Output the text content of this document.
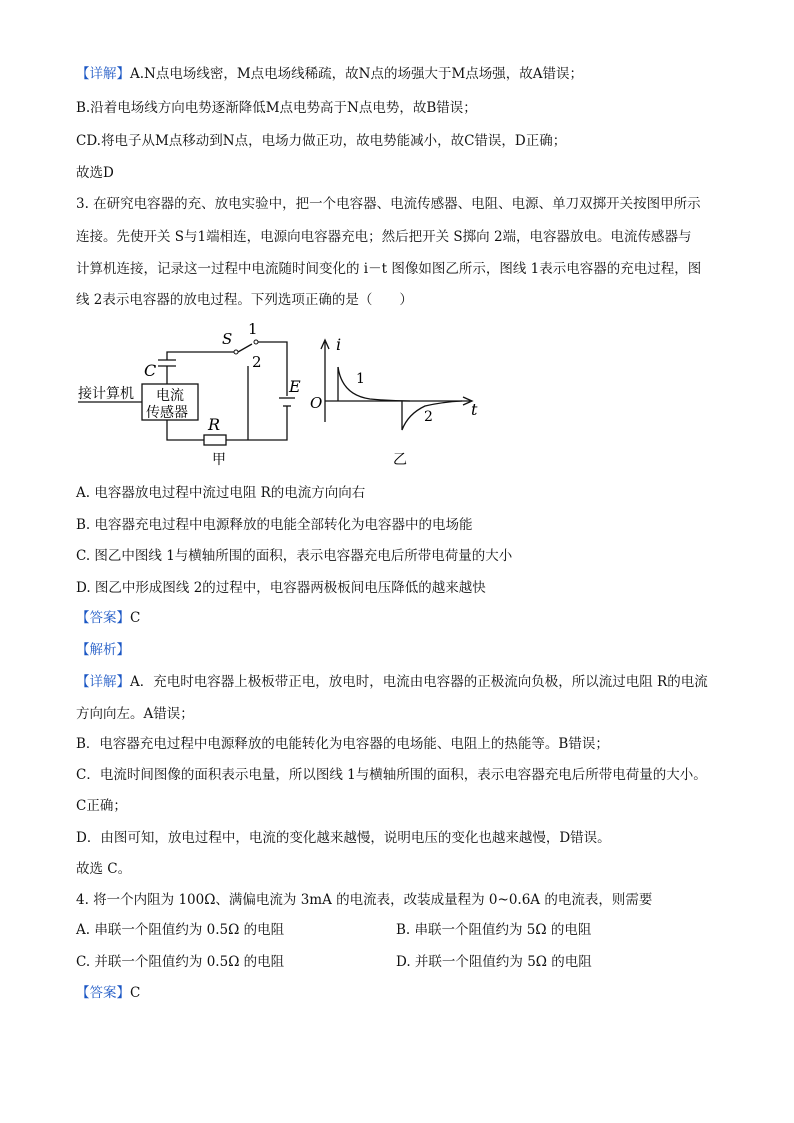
【详解】A.N点电场线密，M点电场线稀疏，故N点的场强大于M点场强，故A错误；
B.沿着电场线方向电势逐渐降低M点电势高于N点电势，故B错误；
CD.将电子从M点移动到N点，电场力做正功，故电势能减小，故C错误，D正确；
故选D
3. 在研究电容器的充、放电实验中，把一个电容器、电流传感器、电阻、电源、单刀双掷开关按图甲所示
连接。先使开关 S与1端相连，电源向电容器充电；然后把开关 S掷向 2端，电容器放电。电流传感器与
计算机连接，记录这一过程中电流随时间变化的 i－t 图像如图乙所示，图线 1表示电容器的充电过程，图
线 2表示电容器的放电过程。下列选项正确的是（　　）
S
1
2
C
E
接计算机 电流
传感器
R
甲
i
O	t
1
2
乙
A. 电容器放电过程中流过电阻 R的电流方向向右
B. 电容器充电过程中电源释放的电能全部转化为电容器中的电场能
C. 图乙中图线 1与横轴所围的面积，表示电容器充电后所带电荷量的大小
D. 图乙中形成图线 2的过程中，电容器两极板间电压降低的越来越快
【答案】C
【解析】
【详解】A．充电时电容器上极板带正电，放电时，电流由电容器的正极流向负极，所以流过电阻 R的电流
方向向左。A错误；
B．电容器充电过程中电源释放的电能转化为电容器的电场能、电阻上的热能等。B错误；
C．电流时间图像的面积表示电量，所以图线 1与横轴所围的面积，表示电容器充电后所带电荷量的大小。
C正确；
D．由图可知，放电过程中，电流的变化越来越慢，说明电压的变化也越来越慢，D错误。
故选 C。
4. 将一个内阻为 100Ω、满偏电流为 3mA 的电流表，改装成量程为 0~0.6A 的电流表，则需要
A. 串联一个阻值约为 0.5Ω 的电阻	B. 串联一个阻值约为 5Ω 的电阻
C. 并联一个阻值约为 0.5Ω 的电阻	D. 并联一个阻值约为 5Ω 的电阻
【答案】C
